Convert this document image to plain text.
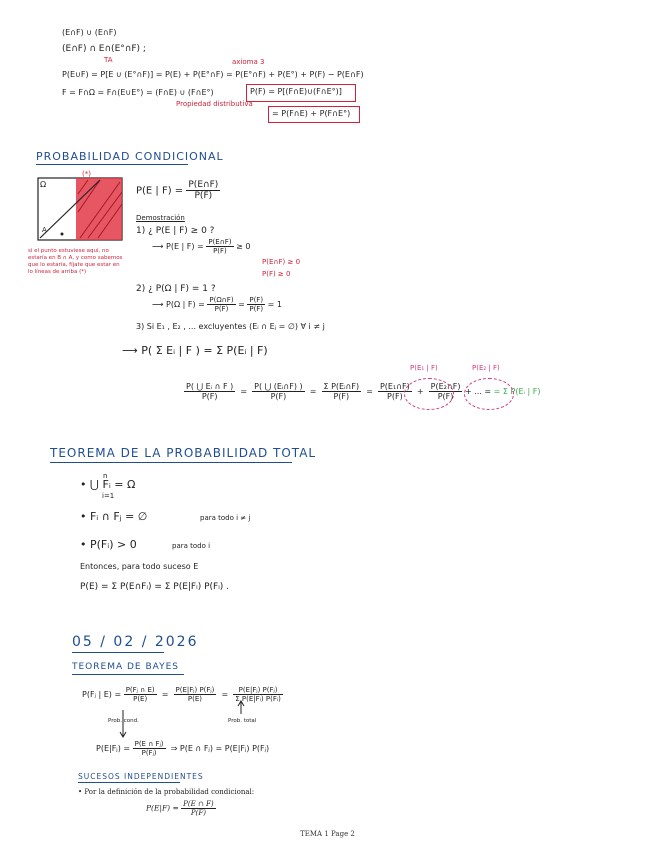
(E∩F) ∪ (E∩F)
(E∩F) ∩ E∩(E°∩F) ;
TA	axioma 3
P(E∪F) = P[E ∪ (E°∩F)] = P(E) + P(E°∩F) = P(E°∩F) + P(E°) + P(F) − P(E∩F)
F = F∩Ω = F∩(E∪E°) = (F∩E) ∪ (F∩E°)
Propiedad distributiva
P(F) = P[(F∩E)∪(F∩E°)]
= P(F∩E) + P(F∩E°)
PROBABILIDAD CONDICIONAL
Ω
A
(*)
si el punto estuviese aquí, no estaría en B ∩ A, y como sabemos que lo estaría, fíjate que estar en lo líneas de arriba (*)
P(E | $F) = \frac{P(E\cap F)}{P(F)}$
Demostración
1) ¿ P(E | F) ≥ 0 ?
⟶ P(E | $F) = \frac{P(E\cap F)}{P(F)} \ge 0$
P(E∩F) ≥ 0
P(F) ≥ 0
2) ¿ P(Ω | F) = 1 ?
⟶ P(Ω | $F) = \frac{P(\Omega\cap F)}{P(F)} = \frac{P(F)}{P(F)} = 1$
3) Si E₁ , E₂ , ... excluyentes (Eᵢ ∩ Eⱼ = ∅) ∀ i ≠ j
⟶ P( Σ Eᵢ | F ) = Σ P(Eᵢ | F)
$\frac{\text{P( ⋃ Eᵢ ∩ F )}}{P(F)} = \frac{\text{P( ⋃ (Eᵢ∩F) )}}{P(F)} = \frac{\text{Σ P(Eᵢ∩F)}}{P(F)} = \frac{\text{P(E₁∩F)}}{P(F)} + \frac{\text{P(E₂∩F)}}{P(F)}$ + ... = = Σ P(Eᵢ | F)
P(E₁ | F)	P(E₂ | F)
TEOREMA DE LA PROBABILIDAD TOTAL
• ⋃ Fᵢ = Ω
n
i=1
• Fᵢ ∩ Fⱼ = ∅	para todo i ≠ j
• P(Fᵢ) > 0	para todo i
Entonces, para todo suceso E
P(E) = Σ P(E∩Fᵢ) = Σ P(E|Fᵢ) P(Fᵢ) .
05 / 02 / 2026
TEOREMA DE BAYES
P(Fⱼ | $E) = \frac{\text{P(Fⱼ ∩ E)}}{P(E)} = \frac{\text{P(E|Fⱼ) P(Fⱼ)}}{P(E)} = \frac{\text{P(E|Fⱼ) P(Fⱼ)}}{\text{Σ P(E|Fᵢ) P(Fᵢ)}}$
Prob. cond.	Prob. total
P(E|Fⱼ) = $\frac{\text{P(E ∩ Fⱼ)}}{\text{P(Fⱼ)}}$ ⇒ P(E ∩ Fⱼ) = P(E|Fⱼ) P(Fⱼ)
SUCESOS INDEPENDIENTES
• Por la definición de la probabilidad condicional:
$P(E|F) = \frac{P(E \cap F)}{P(F)}$
TEMA 1 Page 2
